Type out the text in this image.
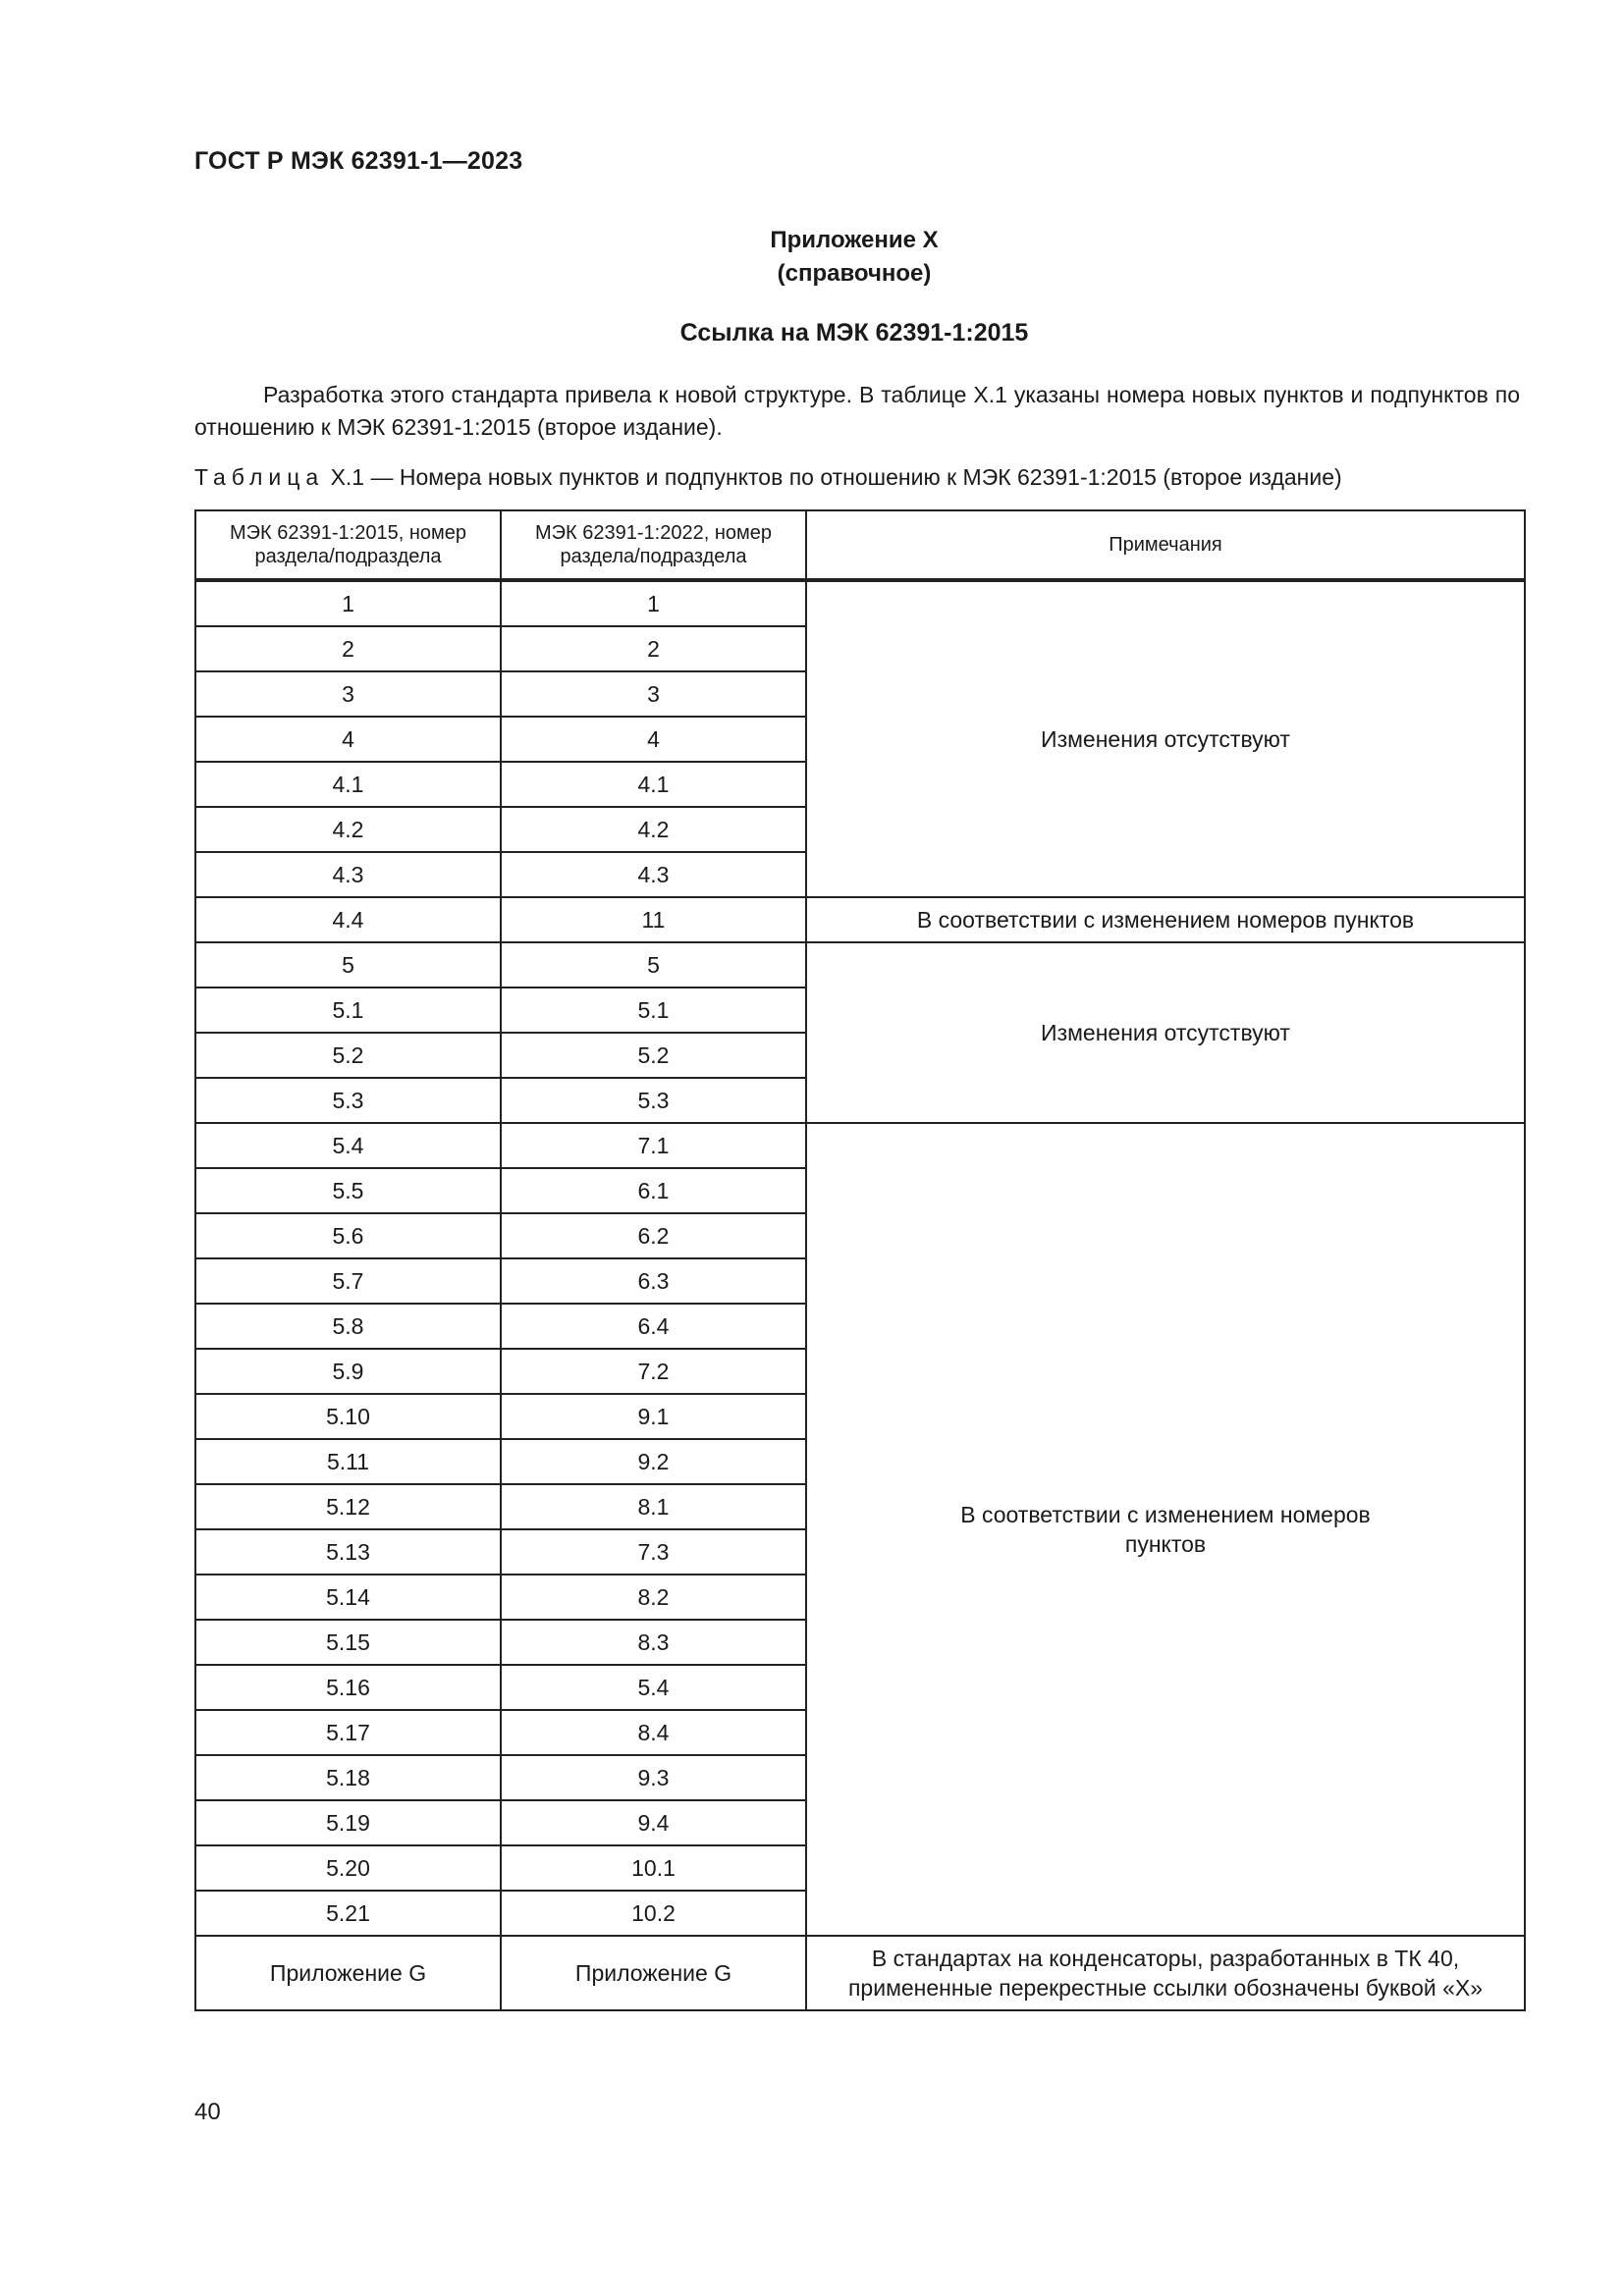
ГОСТ Р МЭК 62391-1—2023
Приложение X
(справочное)
Ссылка на МЭК 62391-1:2015
Разработка этого стандарта привела к новой структуре. В таблице X.1 указаны номера новых пунктов и подпунктов по отношению к МЭК 62391-1:2015 (второе издание).
Таблица X.1 — Номера новых пунктов и подпунктов по отношению к МЭК 62391-1:2015 (второе издание)
МЭК 62391-1:2015, номер раздела/подраздела	МЭК 62391-1:2022, номер раздела/подраздела	Примечания
1	1	Изменения отсутствуют
2	2	
3	3	
4	4	
4.1	4.1	
4.2	4.2	
4.3	4.3	
4.4	11	В соответствии с изменением номеров пунктов
5	5	Изменения отсутствуют
5.1	5.1	
5.2	5.2	
5.3	5.3	
5.4	7.1	В соответствии с изменением номеров пунктов

5.5	6.1	
5.6	6.2	
5.7	6.3	
5.8	6.4	
5.9	7.2	
5.10	9.1	
5.11	9.2	
5.12	8.1	
5.13	7.3	
5.14	8.2	
5.15	8.3	
5.16	5.4	
5.17	8.4	
5.18	9.3	
5.19	9.4	
5.20	10.1	
5.21	10.2	
Приложение G	Приложение G	В стандартах на конденсаторы, разработанных в ТК 40, примененные перекрестные ссылки обозначены буквой «X»
40
